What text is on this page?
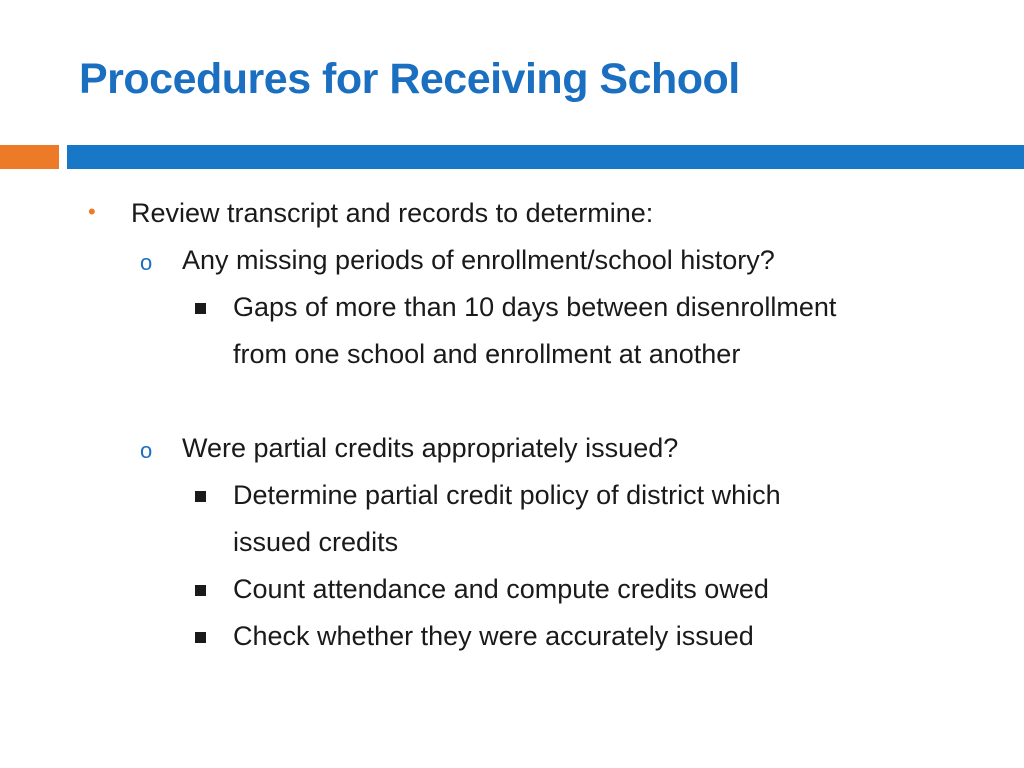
Procedures for Receiving School
• Review transcript and records to determine:
o Any missing periods of enrollment/school history?
Gaps of more than 10 days between disenrollment
from one school and enrollment at another
o Were partial credits appropriately issued?
Determine partial credit policy of district which
issued credits
Count attendance and compute credits owed
Check whether they were accurately issued
